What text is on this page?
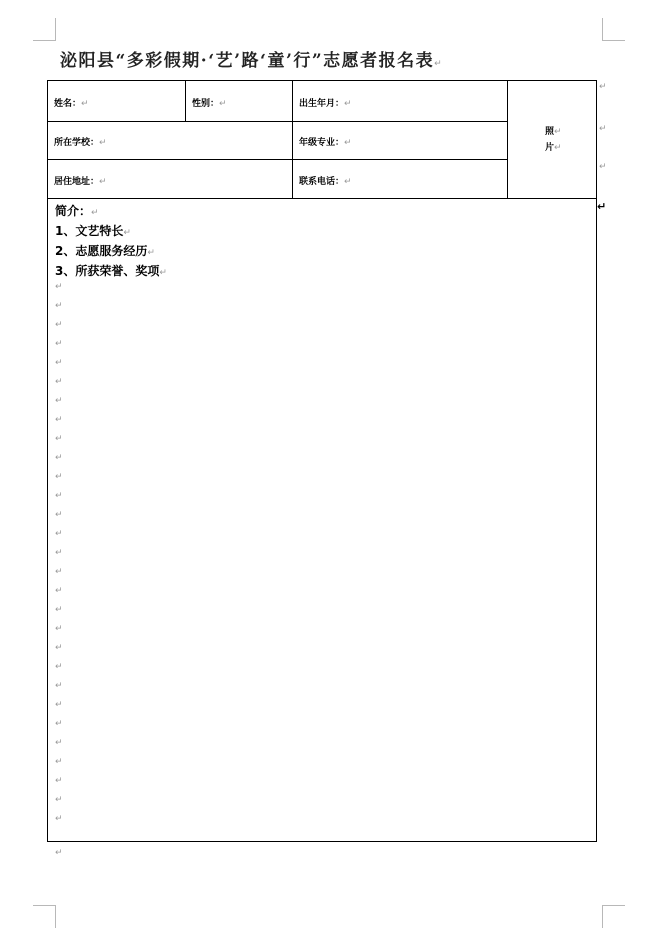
泌阳县“多彩假期·‘艺’路‘童’行”志愿者报名表↵
姓名：↵	性别：↵	出生年月：↵
所在学校：↵	年级专业：↵
居住地址：↵	联系电话：↵
照↵
片↵
↵
↵
↵
↵
简介：↵
1、文艺特长↵
2、志愿服务经历↵
3、所获荣誉、奖项↵
↵
↵
↵
↵
↵
↵
↵
↵
↵
↵
↵
↵
↵
↵
↵
↵
↵
↵
↵
↵
↵
↵
↵
↵
↵
↵
↵
↵
↵
↵
